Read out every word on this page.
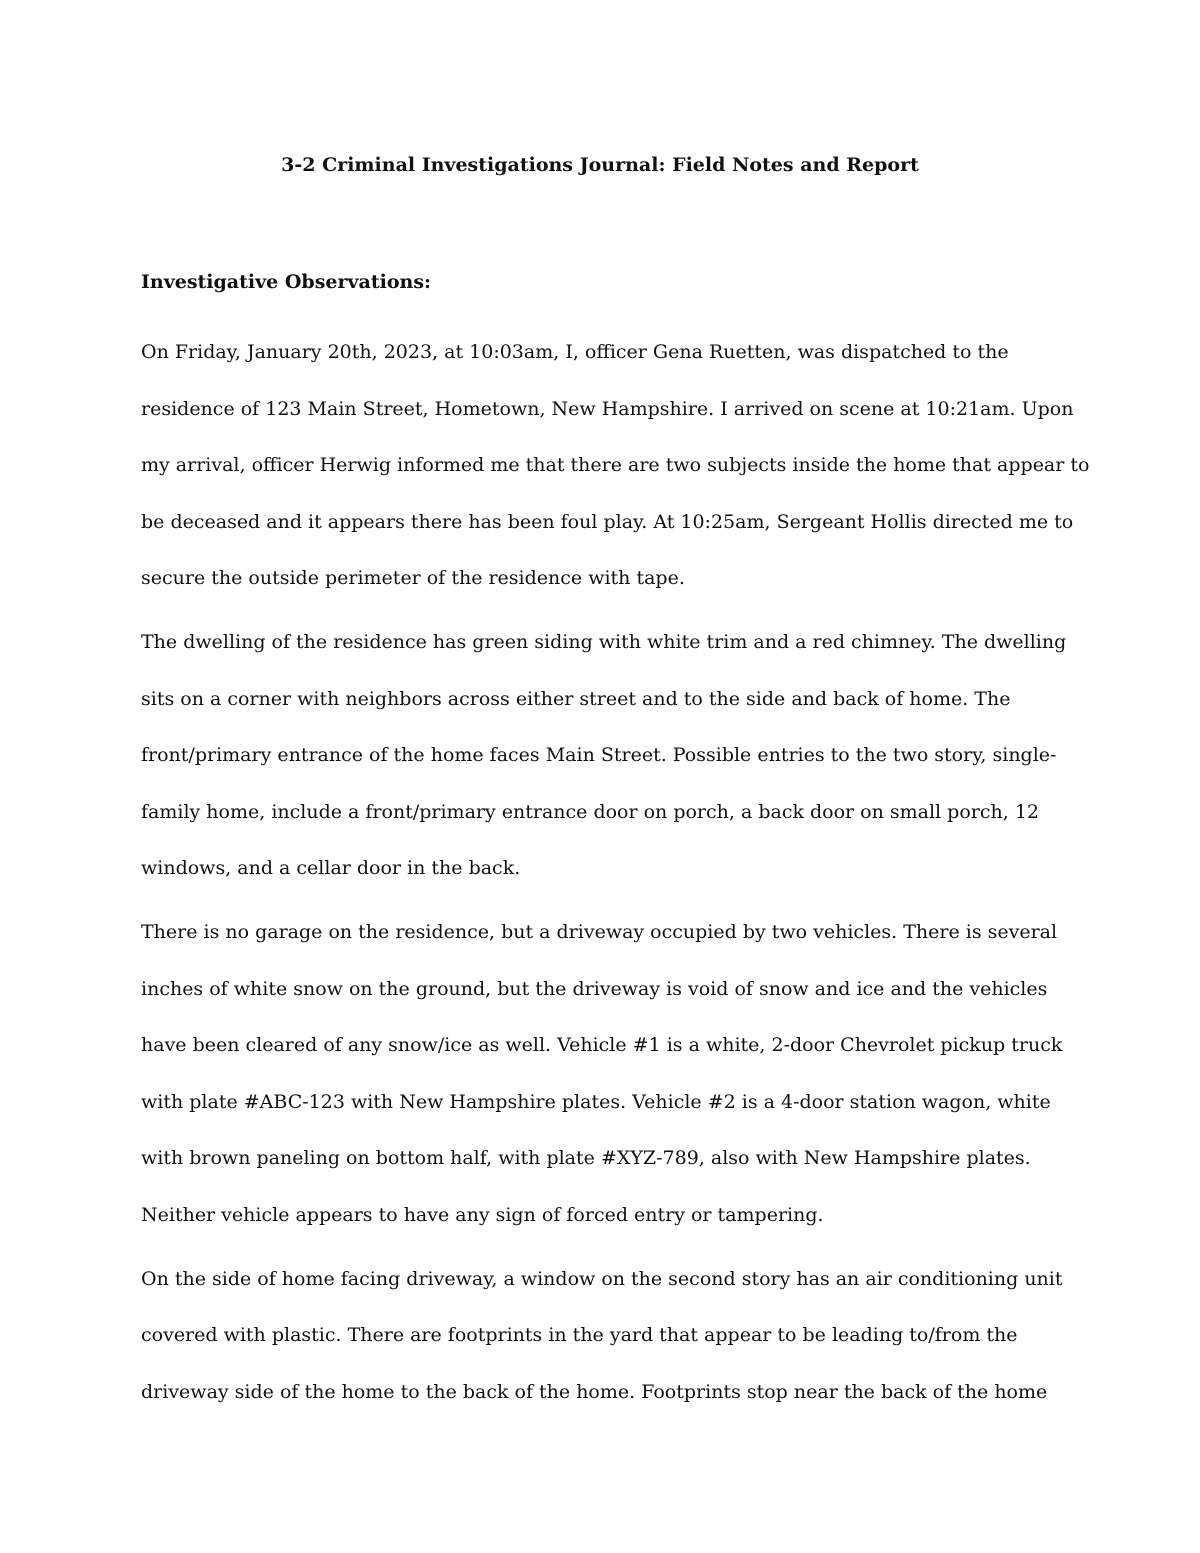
3-2 Criminal Investigations Journal: Field Notes and Report
Investigative Observations:
On Friday, January 20th, 2023, at 10:03am, I, officer Gena Ruetten, was dispatched to the
residence of 123 Main Street, Hometown, New Hampshire. I arrived on scene at 10:21am. Upon
my arrival, officer Herwig informed me that there are two subjects inside the home that appear to
be deceased and it appears there has been foul play. At 10:25am, Sergeant Hollis directed me to
secure the outside perimeter of the residence with tape.
The dwelling of the residence has green siding with white trim and a red chimney. The dwelling
sits on a corner with neighbors across either street and to the side and back of home. The
front/primary entrance of the home faces Main Street. Possible entries to the two story, single-
family home, include a front/primary entrance door on porch, a back door on small porch, 12
windows, and a cellar door in the back.
There is no garage on the residence, but a driveway occupied by two vehicles. There is several
inches of white snow on the ground, but the driveway is void of snow and ice and the vehicles
have been cleared of any snow/ice as well. Vehicle #1 is a white, 2-door Chevrolet pickup truck
with plate #ABC-123 with New Hampshire plates. Vehicle #2 is a 4-door station wagon, white
with brown paneling on bottom half, with plate #XYZ-789, also with New Hampshire plates.
Neither vehicle appears to have any sign of forced entry or tampering.
On the side of home facing driveway, a window on the second story has an air conditioning unit
covered with plastic. There are footprints in the yard that appear to be leading to/from the
driveway side of the home to the back of the home. Footprints stop near the back of the home
